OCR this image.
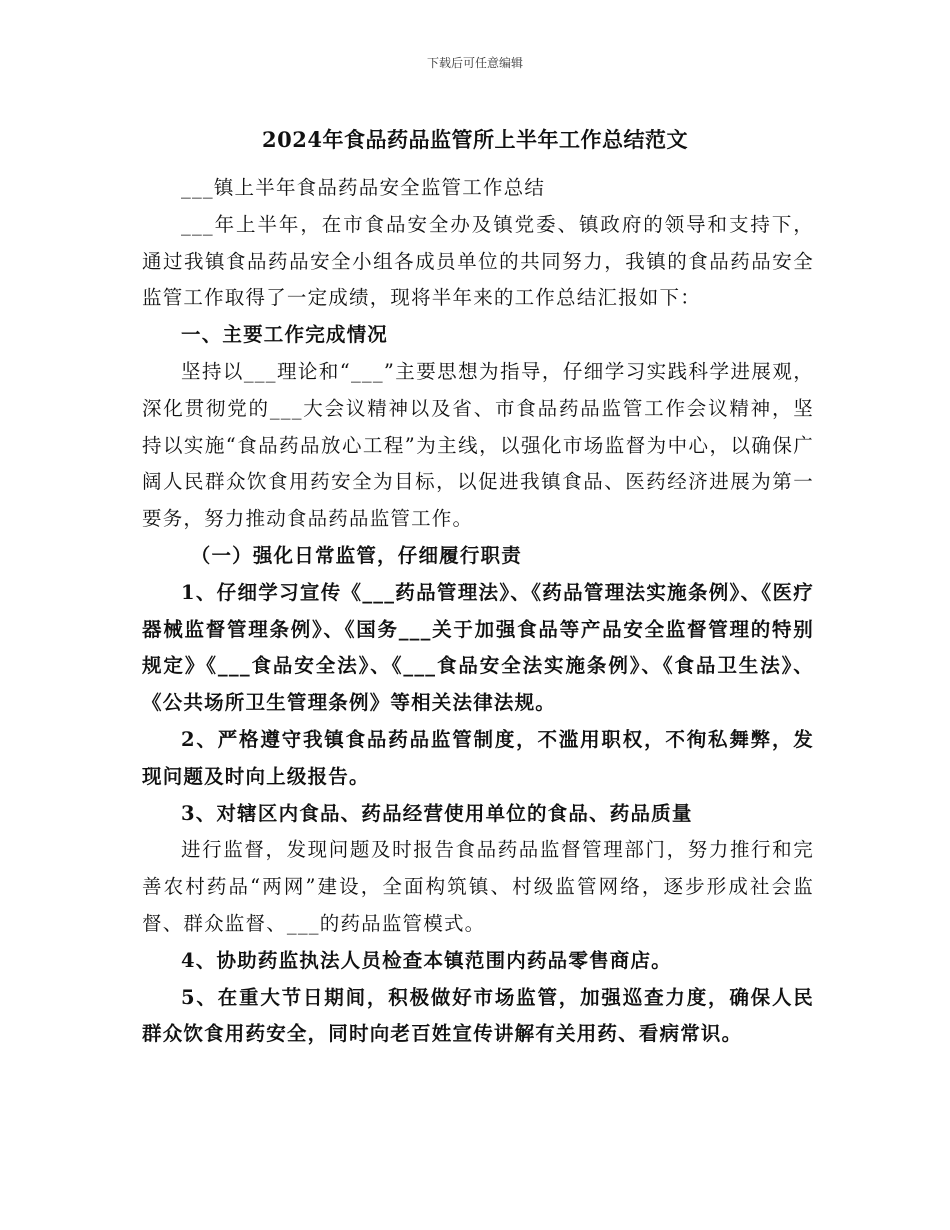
下载后可任意编辑
2024年食品药品监管所上半年工作总结范文

___镇上半年食品药品安全监管工作总结

___年上半年，在市食品安全办及镇党委、镇政府的领导和支持下，通过我镇食品药品安全小组各成员单位的共同努力，我镇的食品药品安全监管工作取得了一定成绩，现将半年来的工作总结汇报如下：

一、主要工作完成情况

坚持以___理论和“___”主要思想为指导，仔细学习实践科学进展观，深化贯彻党的___大会议精神以及省、市食品药品监管工作会议精神，坚持以实施“食品药品放心工程”为主线，以强化市场监督为中心，以确保广阔人民群众饮食用药安全为目标，以促进我镇食品、医药经济进展为第一要务，努力推动食品药品监管工作。

（一）强化日常监管，仔细履行职责

1、仔细学习宣传《___药品管理法》、《药品管理法实施条例》、《医疗器械监督管理条例》、《国务___关于加强食品等产品安全监督管理的特别规定》《___食品安全法》、《___食品安全法实施条例》、《食品卫生法》、《公共场所卫生管理条例》等相关法律法规。

2、严格遵守我镇食品药品监管制度，不滥用职权，不徇私舞弊，发现问题及时向上级报告。

3、对辖区内食品、药品经营使用单位的食品、药品质量

进行监督，发现问题及时报告食品药品监督管理部门，努力推行和完善农村药品“两网”建设，全面构筑镇、村级监管网络，逐步形成社会监督、群众监督、___的药品监管模式。

4、协助药监执法人员检查本镇范围内药品零售商店。

5、在重大节日期间，积极做好市场监管，加强巡查力度，确保人民群众饮食用药安全，同时向老百姓宣传讲解有关用药、看病常识。
